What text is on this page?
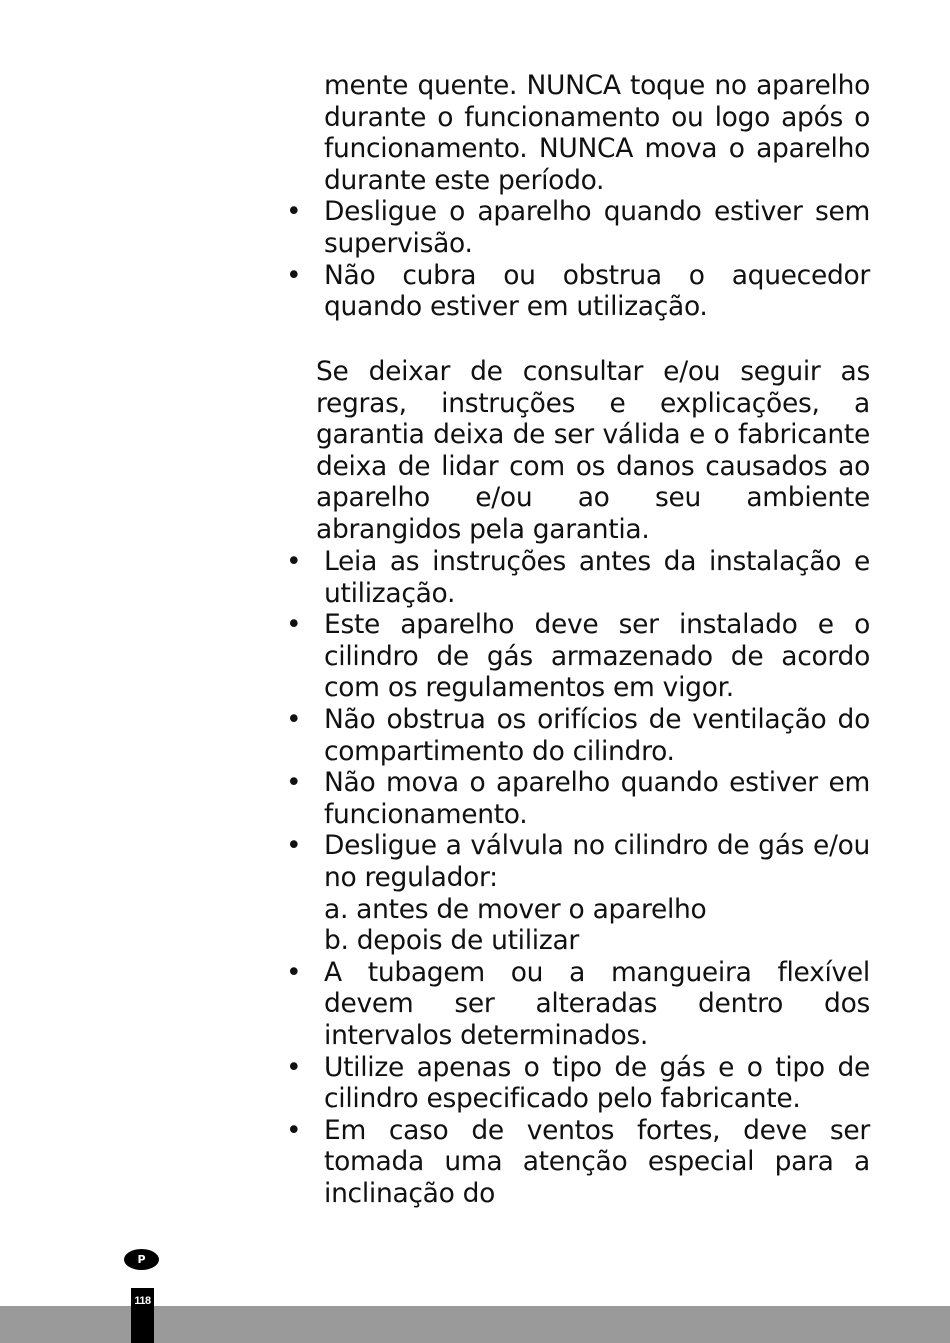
mente quente. NUNCA toque no aparelho durante o funcionamento ou logo após o funcionamento. NUNCA mova o aparelho durante este período.
• Desligue o aparelho quando estiver sem supervisão.
• Não cubra ou obstrua o aquecedor quando estiver em utilização.
Se deixar de consultar e/ou seguir as regras, instruções e explicações, a garantia deixa de ser válida e o fabricante deixa de lidar com os danos causados ao aparelho e/ou ao seu ambiente abrangidos pela garantia.
• Leia as instruções antes da instalação e utilização.
• Este aparelho deve ser instalado e o cilindro de gás armazenado de acordo com os regulamentos em vigor.
• Não obstrua os orifícios de ventilação do compartimento do cilindro.
• Não mova o aparelho quando estiver em funcionamento.
• Desligue a válvula no cilindro de gás e/ou no regulador:
a. antes de mover o aparelho
b. depois de utilizar
• A tubagem ou a mangueira flexível devem ser alteradas dentro dos intervalos determinados.
• Utilize apenas o tipo de gás e o tipo de cilindro especificado pelo fabricante.
• Em caso de ventos fortes, deve ser tomada uma atenção especial para a inclinação do
P
118
